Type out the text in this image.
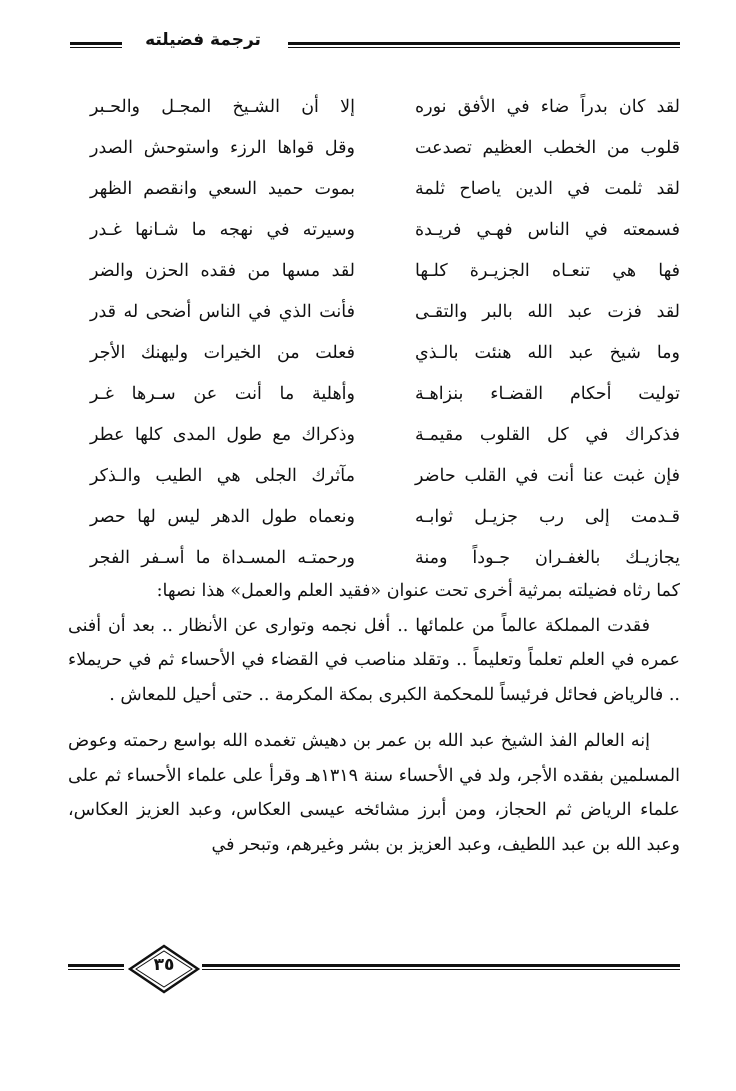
ترجمة فضيلته
لقد كان بدراً ضاء في الأفق نوره
إلا أن الشـيخ المجـل والحـبر
قلوب من الخطب العظيم تصدعت
وقل قواها الرزء واستوحش الصدر
لقد ثلمت في الدين ياصاح ثلمة
بموت حميد السعي وانقصم الظهر
فسمعته في الناس فهـي فريـدة
وسيرته في نهجه ما شـانها غـدر
فها هي تنعـاه الجزيـرة كلـها
لقد مسها من فقده الحزن والضر
لقد فزت عبد الله بالبر والتقـى
فأنت الذي في الناس أضحى له قدر
وما شيخ عبد الله هنئت بالـذي
فعلت من الخيرات وليهنك الأجر
توليت أحكام القضـاء بنزاهـة
وأهلية ما أنت عن سـرها غـر
فذكراك في كل القلوب مقيمـة
وذكراك مع طول المدى كلها عطر
فإن غبت عنا أنت في القلب حاضر
مآثرك الجلى هي الطيب والـذكر
قـدمت إلى رب جزيـل ثوابـه
ونعماه طول الدهر ليس لها حصر
يجازيـك بالغفـران جـوداً ومنة
ورحمتـه المسـداة ما أسـفر الفجر

كما رثاه فضيلته بمرثية أخرى تحت عنوان «فقيد العلم والعمل» هذا نصها:

فقدت المملكة عالماً من علمائها .. أفل نجمه وتوارى عن الأنظار .. بعد أن أفنى عمره في العلم تعلماً وتعليماً .. وتقلد مناصب في القضاء في الأحساء ثم في حريملاء .. فالرياض فحائل فرئيساً للمحكمة الكبرى بمكة المكرمة .. حتى أحيل للمعاش .

إنه العالم الفذ الشيخ عبد الله بن عمر بن دهيش تغمده الله بواسع رحمته وعوض المسلمين بفقده الأجر، ولد في الأحساء سنة ١٣١٩هـ وقرأ على علماء الأحساء ثم على علماء الرياض ثم الحجاز، ومن أبرز مشائخه عيسى العكاس، وعبد العزيز العكاس، وعبد الله بن عبد اللطيف، وعبد العزيز بن بشر وغيرهم، وتبحر في

٣٥
